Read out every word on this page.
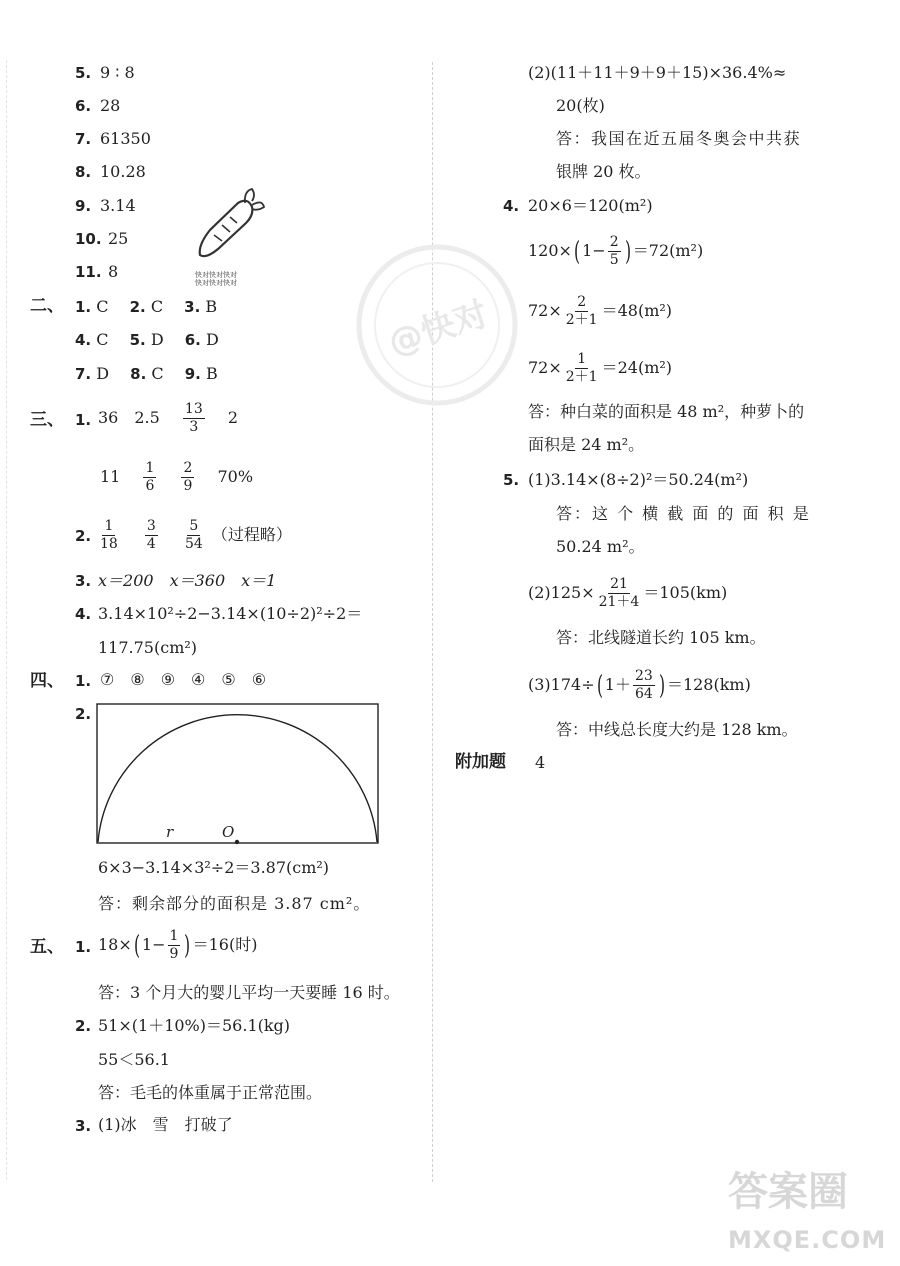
@快对
5. 9 ∶ 8
6. 28
7. 61350
8. 10.28
9. 3.14
10. 25
11. 8	快对快对快对
快对快对快对
二、 1. C　 2. C　 3. B
4. C　 5. D　 6. D
7. D　 8. C　 9. B
三、 1. 36　 2.5　 $\frac{13}{3}$
　 2
11　 $\frac{1}{6}$
　 $\frac{2}{9}$
　 70%
2. $\frac{1}{18}$
　 $\frac{3}{4}$
　 $\frac{5}{54}$ （过程略）
3. x＝200　x＝360　x＝1
4. 3.14×10²÷2−3.14×(10÷2)²÷2＝
117.75(cm²)
四、 1. ⑦　⑧　⑨　④　⑤　⑥
2.
r	O
6×3−3.14×3²÷2＝3.87(cm²)
答：剩余部分的面积是 3.87 cm²。
五、 1. 18×( $1- \frac{1}{9}$ ) ＝16(时)
答：3 个月大的婴儿平均一天要睡 16 时。
2. 51×(1＋10%)＝56.1(kg)
55＜56.1
答：毛毛的体重属于正常范围。
3. (1)冰　雪　打破了
(2)(11＋11＋9＋9＋15)×36.4%≈
20(枚)
答：我国在近五届冬奥会中共获
银牌 20 枚。
4. 20×6＝120(m²)
120×( $1- \frac{2}{5}$ ) ＝72(m²)
$72\times \frac{2}{2+1} =48(m^2)$
$72\times \frac{1}{2+1} =24(m^2)$
答：种白菜的面积是 48 m²，种萝卜的
面积是 24 m²。
5. (1)3.14×(8÷2)²＝50.24(m²)
答：这 个 横 截 面 的 面 积 是
50.24 m²。
$(2)125\times \frac{21}{21+4} =105(km)$
答：北线隧道长约 105 km。
(3)174÷( $1+ \frac{23}{64}$ ) ＝128(km)
答：中线总长度大约是 128 km。
附加题 4
答案圈
MXQE.COM
